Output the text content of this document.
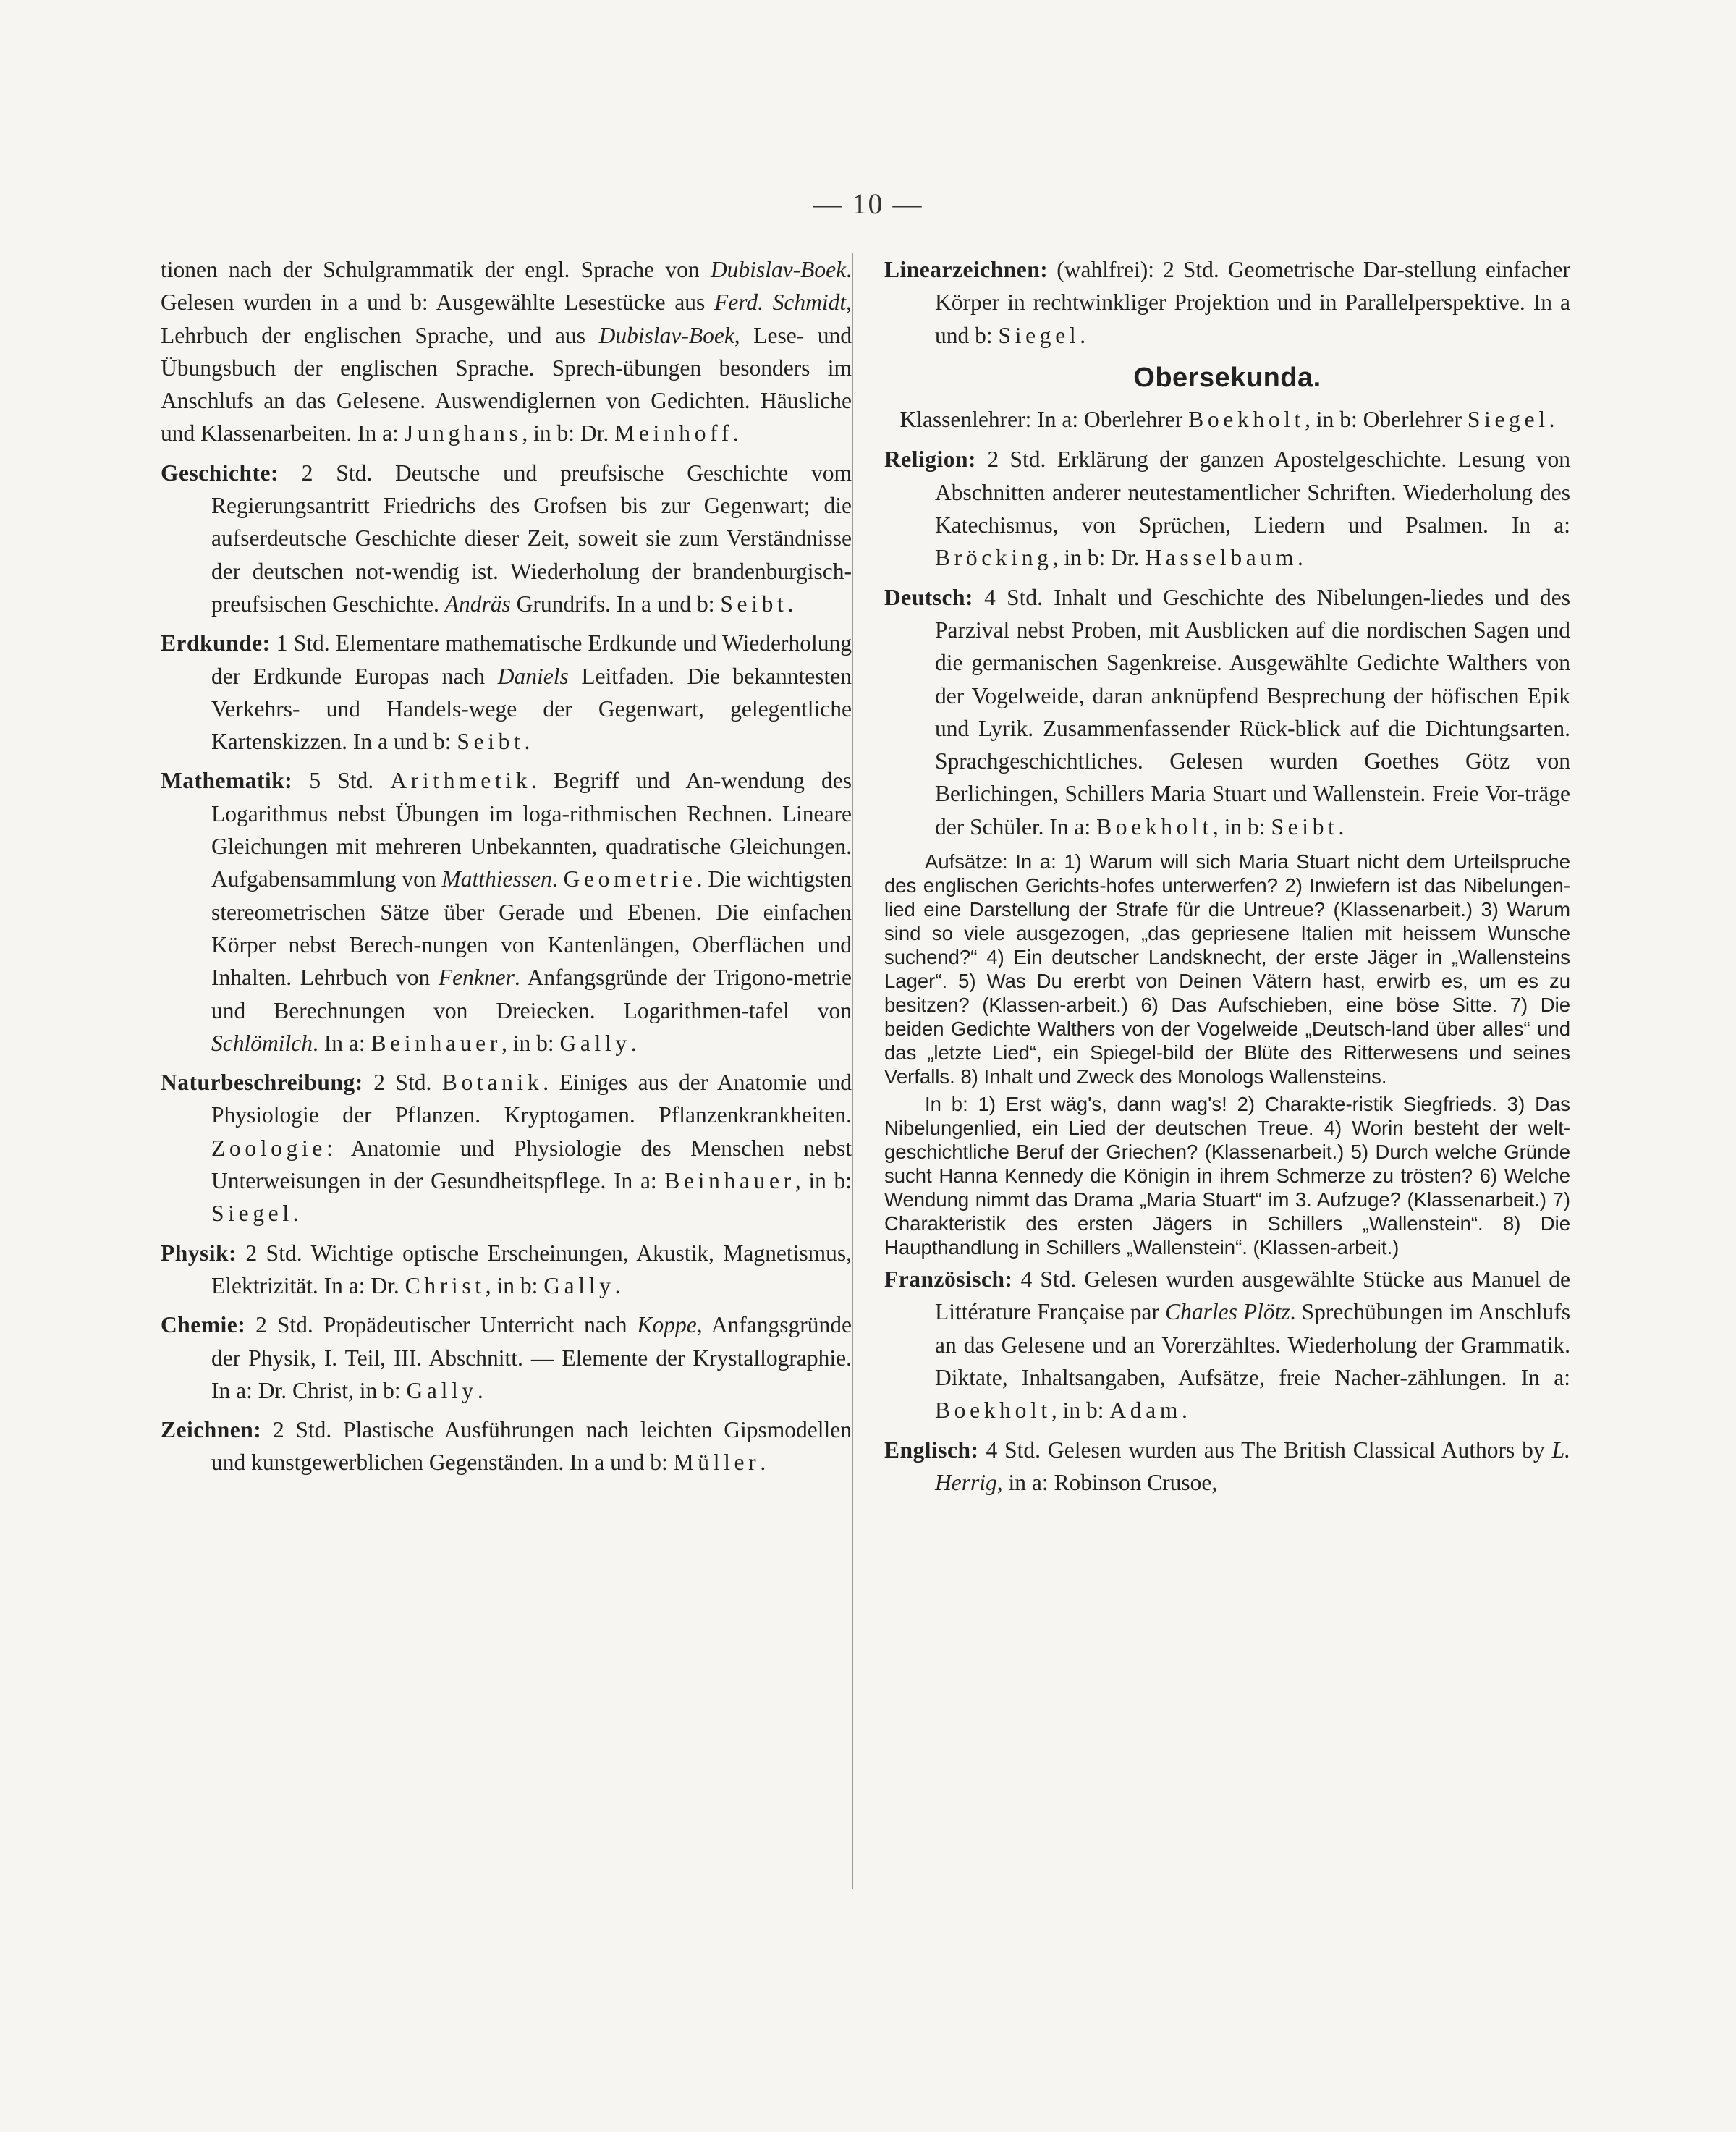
— 10 —

tionen nach der Schulgrammatik der engl. Sprache von Dubislav-Boek. Gelesen wurden in a und b: Ausgewählte Lesestücke aus Ferd. Schmidt, Lehrbuch der englischen Sprache, und aus Dubislav-Boek, Lese- und Übungsbuch der englischen Sprache. Sprech-übungen besonders im Anschlufs an das Gelesene. Auswendiglernen von Gedichten. Häusliche und Klassenarbeiten. In a: Junghans, in b: Dr. Meinhoff.

Geschichte: 2 Std. Deutsche und preufsische Geschichte vom Regierungsantritt Friedrichs des Grofsen bis zur Gegenwart; die aufserdeutsche Geschichte dieser Zeit, soweit sie zum Verständnisse der deutschen not-wendig ist. Wiederholung der brandenburgisch-preufsischen Geschichte. Andräs Grundrifs. In a und b: Seibt.

Erdkunde: 1 Std. Elementare mathematische Erdkunde und Wiederholung der Erdkunde Europas nach Daniels Leitfaden. Die bekanntesten Verkehrs- und Handels-wege der Gegenwart, gelegentliche Kartenskizzen. In a und b: Seibt.

Mathematik: 5 Std. Arithmetik. Begriff und An-wendung des Logarithmus nebst Übungen im loga-rithmischen Rechnen. Lineare Gleichungen mit mehreren Unbekannten, quadratische Gleichungen. Aufgabensammlung von Matthiessen. Geometrie. Die wichtigsten stereometrischen Sätze über Gerade und Ebenen. Die einfachen Körper nebst Berech-nungen von Kantenlängen, Oberflächen und Inhalten. Lehrbuch von Fenkner. Anfangsgründe der Trigono-metrie und Berechnungen von Dreiecken. Logarithmen-tafel von Schlömilch. In a: Beinhauer, in b: Gally.

Naturbeschreibung: 2 Std. Botanik. Einiges aus der Anatomie und Physiologie der Pflanzen. Kryptogamen. Pflanzenkrankheiten. Zoologie: Anatomie und Physiologie des Menschen nebst Unterweisungen in der Gesundheitspflege. In a: Beinhauer, in b: Siegel.

Physik: 2 Std. Wichtige optische Erscheinungen, Akustik, Magnetismus, Elektrizität. In a: Dr. Christ, in b: Gally.

Chemie: 2 Std. Propädeutischer Unterricht nach Koppe, Anfangsgründe der Physik, I. Teil, III. Abschnitt. — Elemente der Krystallographie. In a: Dr. Christ, in b: Gally.

Zeichnen: 2 Std. Plastische Ausführungen nach leichten Gipsmodellen und kunstgewerblichen Gegenständen. In a und b: Müller.

Linearzeichnen: (wahlfrei): 2 Std. Geometrische Dar-stellung einfacher Körper in rechtwinkliger Projektion und in Parallelperspektive. In a und b: Siegel.

Obersekunda.

Klassenlehrer: In a: Oberlehrer Boekholt, in b: Oberlehrer Siegel.

Religion: 2 Std. Erklärung der ganzen Apostelgeschichte. Lesung von Abschnitten anderer neutestamentlicher Schriften. Wiederholung des Katechismus, von Sprüchen, Liedern und Psalmen. In a: Bröcking, in b: Dr. Hasselbaum.

Deutsch: 4 Std. Inhalt und Geschichte des Nibelungen-liedes und des Parzival nebst Proben, mit Ausblicken auf die nordischen Sagen und die germanischen Sagenkreise. Ausgewählte Gedichte Walthers von der Vogelweide, daran anknüpfend Besprechung der höfischen Epik und Lyrik. Zusammenfassender Rück-blick auf die Dichtungsarten. Sprachgeschichtliches. Gelesen wurden Goethes Götz von Berlichingen, Schillers Maria Stuart und Wallenstein. Freie Vor-träge der Schüler. In a: Boekholt, in b: Seibt.

Aufsätze: In a: 1) Warum will sich Maria Stuart nicht dem Urteilspruche des englischen Gerichts-hofes unterwerfen? 2) Inwiefern ist das Nibelungen-lied eine Darstellung der Strafe für die Untreue? (Klassenarbeit.) 3) Warum sind so viele ausgezogen, „das gepriesene Italien mit heissem Wunsche suchend?“ 4) Ein deutscher Landsknecht, der erste Jäger in „Wallensteins Lager“. 5) Was Du ererbt von Deinen Vätern hast, erwirb es, um es zu besitzen? (Klassen-arbeit.) 6) Das Aufschieben, eine böse Sitte. 7) Die beiden Gedichte Walthers von der Vogelweide „Deutsch-land über alles“ und das „letzte Lied“, ein Spiegel-bild der Blüte des Ritterwesens und seines Verfalls. 8) Inhalt und Zweck des Monologs Wallensteins.

In b: 1) Erst wäg's, dann wag's! 2) Charakte-ristik Siegfrieds. 3) Das Nibelungenlied, ein Lied der deutschen Treue. 4) Worin besteht der welt-geschichtliche Beruf der Griechen? (Klassenarbeit.) 5) Durch welche Gründe sucht Hanna Kennedy die Königin in ihrem Schmerze zu trösten? 6) Welche Wendung nimmt das Drama „Maria Stuart“ im 3. Aufzuge? (Klassenarbeit.) 7) Charakteristik des ersten Jägers in Schillers „Wallenstein“. 8) Die Haupthandlung in Schillers „Wallenstein“. (Klassen-arbeit.)

Französisch: 4 Std. Gelesen wurden ausgewählte Stücke aus Manuel de Littérature Française par Charles Plötz. Sprechübungen im Anschlufs an das Gelesene und an Vorerzähltes. Wiederholung der Grammatik. Diktate, Inhaltsangaben, Aufsätze, freie Nacher-zählungen. In a: Boekholt, in b: Adam.

Englisch: 4 Std. Gelesen wurden aus The British Classical Authors by L. Herrig, in a: Robinson Crusoe,
